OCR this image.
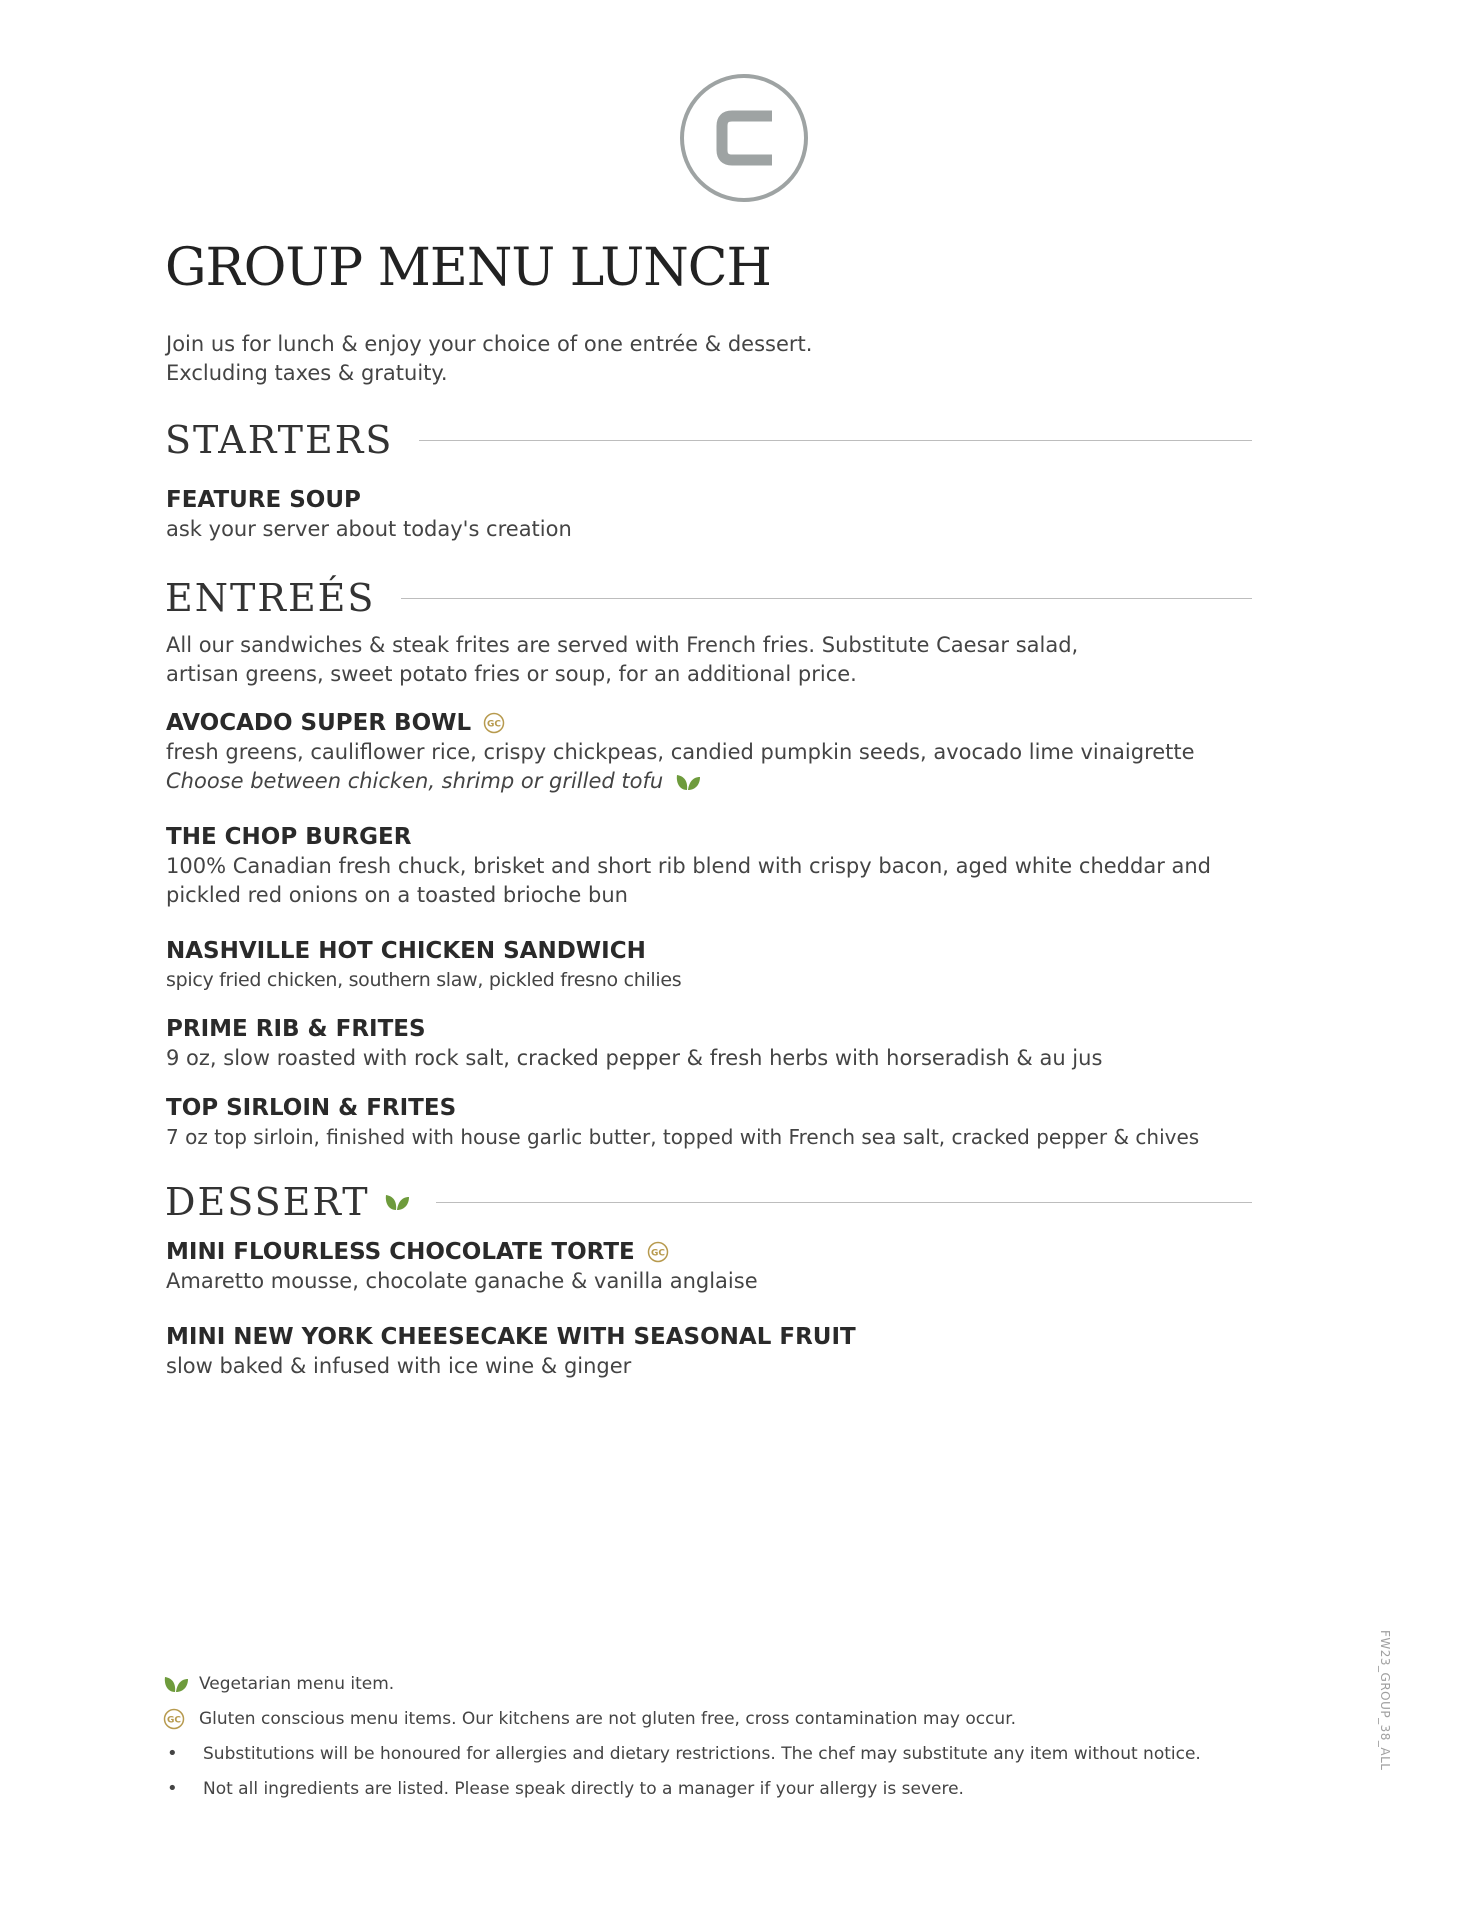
GROUP MENU LUNCH
Join us for lunch & enjoy your choice of one entrée & dessert.
Excluding taxes & gratuity.
STARTERS
FEATURE SOUP
ask your server about today's creation
ENTREÉS
All our sandwiches & steak frites are served with French fries. Substitute Caesar salad,
artisan greens, sweet potato fries or soup, for an additional price.
AVOCADO SUPER BOWL GC
fresh greens, cauliflower rice, crispy chickpeas, candied pumpkin seeds, avocado lime vinaigrette
Choose between chicken, shrimp or grilled tofu
THE CHOP BURGER
100% Canadian fresh chuck, brisket and short rib blend with crispy bacon, aged white cheddar and
pickled red onions on a toasted brioche bun
NASHVILLE HOT CHICKEN SANDWICH
spicy fried chicken, southern slaw, pickled fresno chilies
PRIME RIB & FRITES
9 oz, slow roasted with rock salt, cracked pepper & fresh herbs with horseradish & au jus
TOP SIRLOIN & FRITES
7 oz top sirloin, finished with house garlic butter, topped with French sea salt, cracked pepper & chives
DESSERT
MINI FLOURLESS CHOCOLATE TORTE GC
Amaretto mousse, chocolate ganache & vanilla anglaise
MINI NEW YORK CHEESECAKE WITH SEASONAL FRUIT
slow baked & infused with ice wine & ginger
Vegetarian menu item.
GC Gluten conscious menu items. Our kitchens are not gluten free, cross contamination may occur.
•	Substitutions will be honoured for allergies and dietary restrictions. The chef may substitute any item without notice.
•	Not all ingredients are listed. Please speak directly to a manager if your allergy is severe.
FW23_GROUP_38_ALL
